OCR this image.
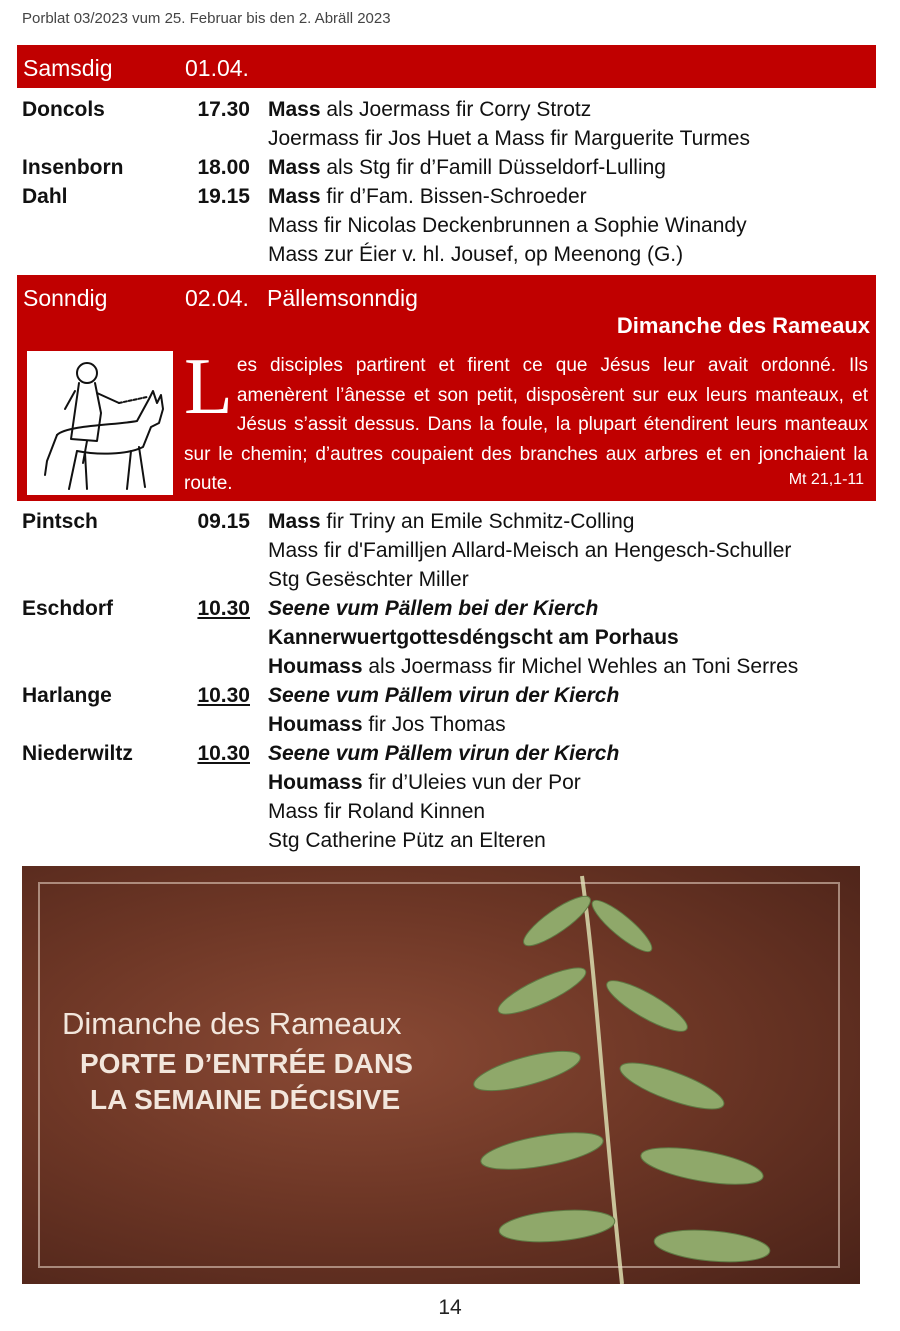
Porblat 03/2023 vum 25. Februar bis den 2. Abräll 2023
Samsdig	01.04.
Doncols	17.30 Mass als Joermass fir Corry Strotz
Joermass fir Jos Huet a Mass fir Marguerite Turmes
Insenborn	18.00 Mass als Stg fir d’Famill Düsseldorf-Lulling
Dahl	19.15 Mass fir d’Fam. Bissen-Schroeder
Mass fir Nicolas Deckenbrunnen a Sophie Winandy
Mass zur Éier v. hl. Jousef, op Meenong (G.)
Sonndig	02.04. Pällemsonndig
Dimanche des Rameaux
Les disciples partirent et firent ce que Jésus leur avait ordonné. Ils amenèrent l’ânesse et son petit, disposèrent sur eux leurs manteaux, et Jésus s’assit dessus. Dans la foule, la plupart étendirent leurs manteaux sur le chemin; d’autres coupaient des branches aux arbres et en jonchaient la route.	Mt 21,1-11
Pintsch	09.15 Mass fir Triny an Emile Schmitz-Colling
Mass fir d'Familljen Allard-Meisch an Hengesch-Schuller
Stg Gesëschter Miller
Eschdorf	10.30 Seene vum Pällem bei der Kierch
Kannerwuertgottesdéngscht am Porhaus
Houmass als Joermass fir Michel Wehles an Toni Serres
Harlange	10.30 Seene vum Pällem virun der Kierch
Houmass fir Jos Thomas
Niederwiltz	10.30 Seene vum Pällem virun der Kierch
Houmass fir d’Uleies vun der Por
Mass fir Roland Kinnen
Stg Catherine Pütz an Elteren
Dimanche des Rameaux
PORTE D’ENTRÉE DANS
LA SEMAINE DÉCISIVE
14
